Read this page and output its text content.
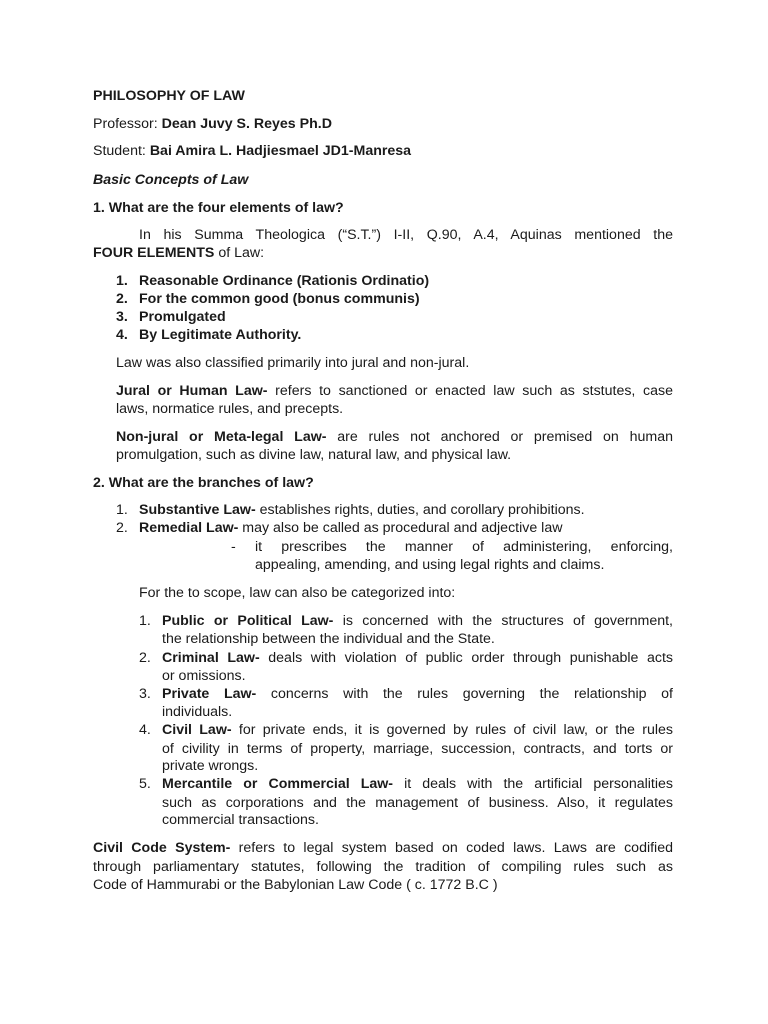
PHILOSOPHY OF LAW
Professor: Dean Juvy S. Reyes Ph.D
Student: Bai Amira L. Hadjiesmael JD1-Manresa
Basic Concepts of Law
1. What are the four elements of law?
In his Summa Theologica (“S.T.”) I-II, Q.90, A.4, Aquinas mentioned the
FOUR ELEMENTS of Law:
1. Reasonable Ordinance (Rationis Ordinatio)
2. For the common good (bonus communis)
3. Promulgated
4. By Legitimate Authority.
Law was also classified primarily into jural and non-jural.
Jural or Human Law- refers to sanctioned or enacted law such as ststutes, case
laws, normatice rules, and precepts.
Non-jural or Meta-legal Law- are rules not anchored or premised on human
promulgation, such as divine law, natural law, and physical law.
2. What are the branches of law?
1. Substantive Law- establishes rights, duties, and corollary prohibitions.
2. Remedial Law- may also be called as procedural and adjective law
- it prescribes the manner of administering, enforcing,
appealing, amending, and using legal rights and claims.
For the to scope, law can also be categorized into:
1. Public or Political Law- is concerned with the structures of government,
the relationship between the individual and the State.
2. Criminal Law- deals with violation of public order through punishable acts
or omissions.
3. Private Law- concerns with the rules governing the relationship of
individuals.
4. Civil Law- for private ends, it is governed by rules of civil law, or the rules
of civility in terms of property, marriage, succession, contracts, and torts or
private wrongs.
5. Mercantile or Commercial Law- it deals with the artificial personalities
such as corporations and the management of business. Also, it regulates
commercial transactions.
Civil Code System- refers to legal system based on coded laws. Laws are codified
through parliamentary statutes, following the tradition of compiling rules such as
Code of Hammurabi or the Babylonian Law Code ( c. 1772 B.C )
